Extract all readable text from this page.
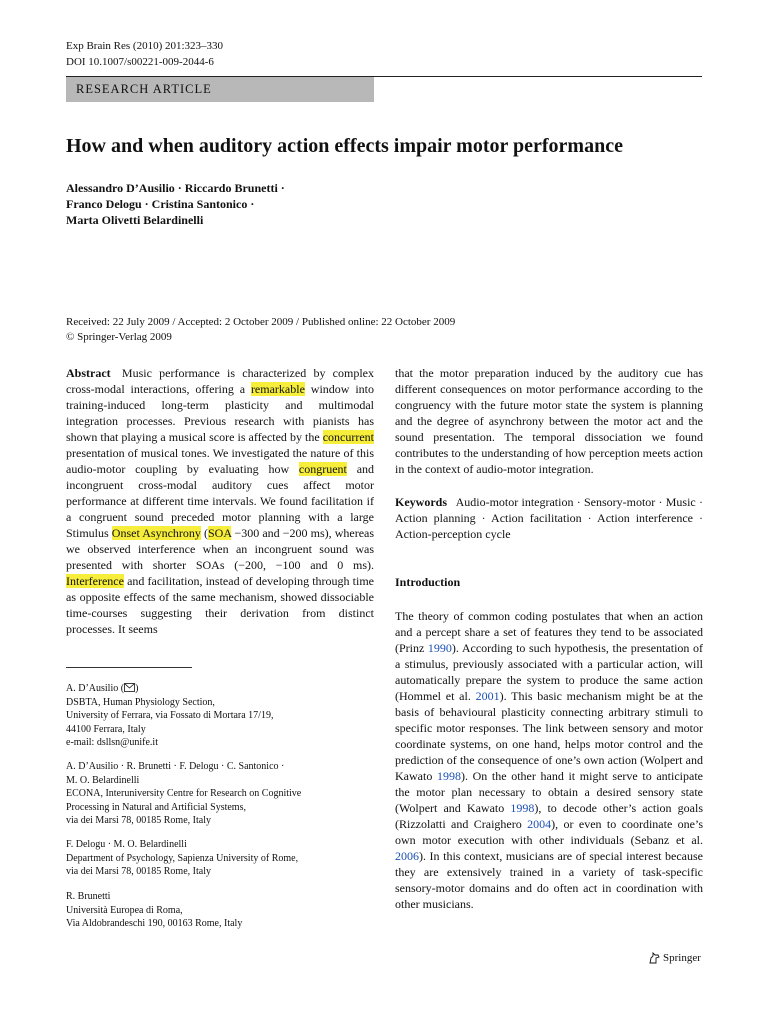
Exp Brain Res (2010) 201:323–330
DOI 10.1007/s00221-009-2044-6
RESEARCH ARTICLE
How and when auditory action effects impair motor performance
Alessandro D’Ausilio · Riccardo Brunetti ·
Franco Delogu · Cristina Santonico ·
Marta Olivetti Belardinelli
Received: 22 July 2009 / Accepted: 2 October 2009 / Published online: 22 October 2009
© Springer-Verlag 2009
Abstract Music performance is characterized by complex cross-modal interactions, offering a remarkable window into training-induced long-term plasticity and multimodal integration processes. Previous research with pianists has shown that playing a musical score is affected by the concurrent presentation of musical tones. We investigated the nature of this audio-motor coupling by evaluating how congruent and incongruent cross-modal auditory cues affect motor performance at different time intervals. We found facilitation if a congruent sound preceded motor planning with a large Stimulus Onset Asynchrony (SOA −300 and −200 ms), whereas we observed interference when an incongruent sound was presented with shorter SOAs (−200, −100 and 0 ms). Interference and facilitation, instead of developing through time as opposite effects of the same mechanism, showed dissociable time-courses suggesting their derivation from distinct processes. It seems
A. D’Ausilio ( )
DSBTA, Human Physiology Section,
University of Ferrara, via Fossato di Mortara 17/19,
44100 Ferrara, Italy
e-mail: dsllsn@unife.it
A. D’Ausilio · R. Brunetti · F. Delogu · C. Santonico ·
M. O. Belardinelli
ECONA, Interuniversity Centre for Research on Cognitive
Processing in Natural and Artificial Systems,
via dei Marsi 78, 00185 Rome, Italy
F. Delogu · M. O. Belardinelli
Department of Psychology, Sapienza University of Rome,
via dei Marsi 78, 00185 Rome, Italy
R. Brunetti
Università Europea di Roma,
Via Aldobrandeschi 190, 00163 Rome, Italy
that the motor preparation induced by the auditory cue has different consequences on motor performance according to the congruency with the future motor state the system is planning and the degree of asynchrony between the motor act and the sound presentation. The temporal dissociation we found contributes to the understanding of how perception meets action in the context of audio-motor integration.
Keywords Audio-motor integration · Sensory-motor · Music · Action planning · Action facilitation · Action interference · Action-perception cycle
Introduction
The theory of common coding postulates that when an action and a percept share a set of features they tend to be associated (Prinz 1990). According to such hypothesis, the presentation of a stimulus, previously associated with a particular action, will automatically prepare the system to produce the same action (Hommel et al. 2001). This basic mechanism might be at the basis of behavioural plasticity connecting arbitrary stimuli to specific motor responses. The link between sensory and motor coordinate systems, on one hand, helps motor control and the prediction of the consequence of one’s own action (Wolpert and Kawato 1998). On the other hand it might serve to anticipate the motor plan necessary to obtain a desired sensory state (Wolpert and Kawato 1998), to decode other’s action goals (Rizzolatti and Craighero 2004), or even to coordinate one’s own motor execution with other individuals (Sebanz et al. 2006). In this context, musicians are of special interest because they are extensively trained in a variety of task-specific sensory-motor domains and do often act in coordination with other musicians.
Springer
